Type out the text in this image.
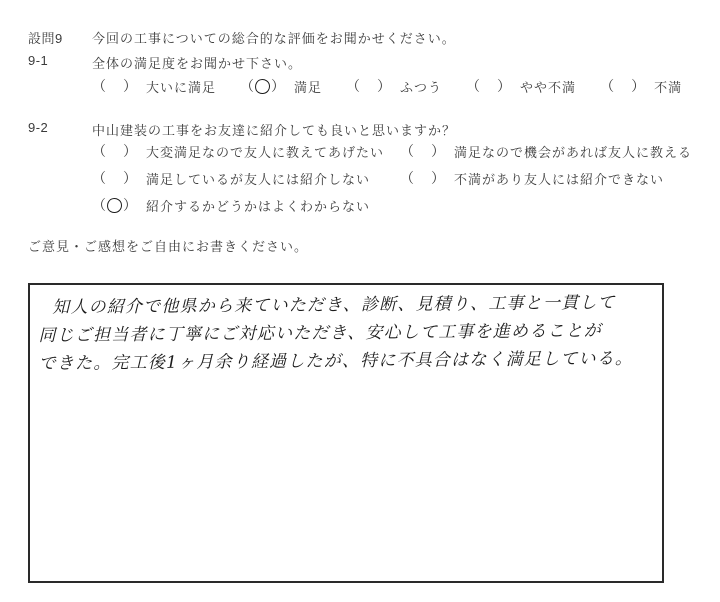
設問9 今回の工事についての総合的な評価をお聞かせください。
9-1	全体の満足度をお聞かせ下さい。
（ ） 大いに満足 （ ） 満足 （ ） ふつう （ ） やや不満 （ ） 不満
9-2	中山建装の工事をお友達に紹介しても良いと思いますか？
（ ） 大変満足なので友人に教えてあげたい （ ） 満足なので機会があれば友人に教える
（ ） 満足しているが友人には紹介しない （ ） 不満があり友人には紹介できない
（ ） 紹介するかどうかはよくわからない
ご意見・ご感想をご自由にお書きください。
知人の紹介で他県から来ていただき、診断、見積り、工事と一貫して
同じご担当者に丁寧にご対応いただき、安心して工事を進めることが
できた。完工後1ヶ月余り経過したが、特に不具合はなく満足している。
